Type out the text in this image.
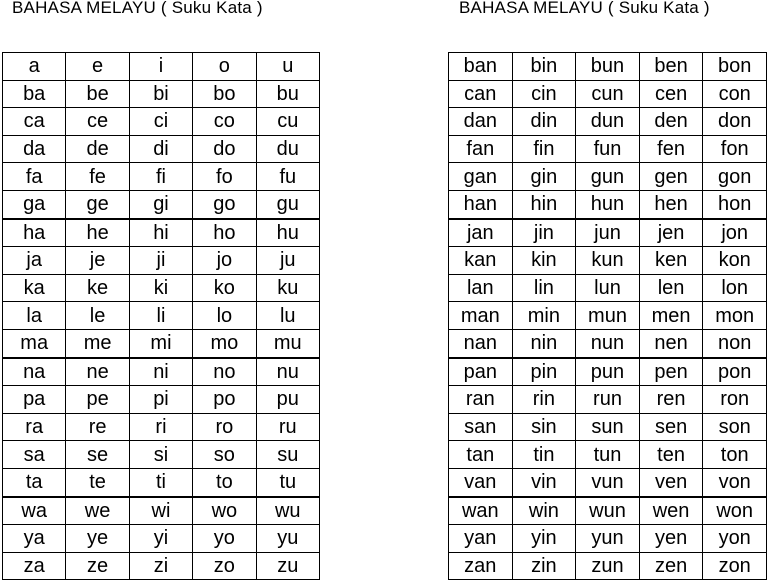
BAHASA MELAYU ( Suku Kata )	BAHASA MELAYU ( Suku Kata )
a	e	i	o	u
ba	be	bi	bo	bu
ca	ce	ci	co	cu
da	de	di	do	du
fa	fe	fi	fo	fu
ga	ge	gi	go	gu
ha	he	hi	ho	hu
ja	je	ji	jo	ju
ka	ke	ki	ko	ku
la	le	li	lo	lu
ma	me	mi	mo	mu
na	ne	ni	no	nu
pa	pe	pi	po	pu
ra	re	ri	ro	ru
sa	se	si	so	su
ta	te	ti	to	tu
wa	we	wi	wo	wu
ya	ye	yi	yo	yu
za	ze	zi	zo	zu
ban	bin	bun	ben	bon
can	cin	cun	cen	con
dan	din	dun	den	don
fan	fin	fun	fen	fon
gan	gin	gun	gen	gon
han	hin	hun	hen	hon
jan	jin	jun	jen	jon
kan	kin	kun	ken	kon
lan	lin	lun	len	lon
man	min	mun	men	mon
nan	nin	nun	nen	non
pan	pin	pun	pen	pon
ran	rin	run	ren	ron
san	sin	sun	sen	son
tan	tin	tun	ten	ton
van	vin	vun	ven	von
wan	win	wun	wen	won
yan	yin	yun	yen	yon
zan	zin	zun	zen	zon
